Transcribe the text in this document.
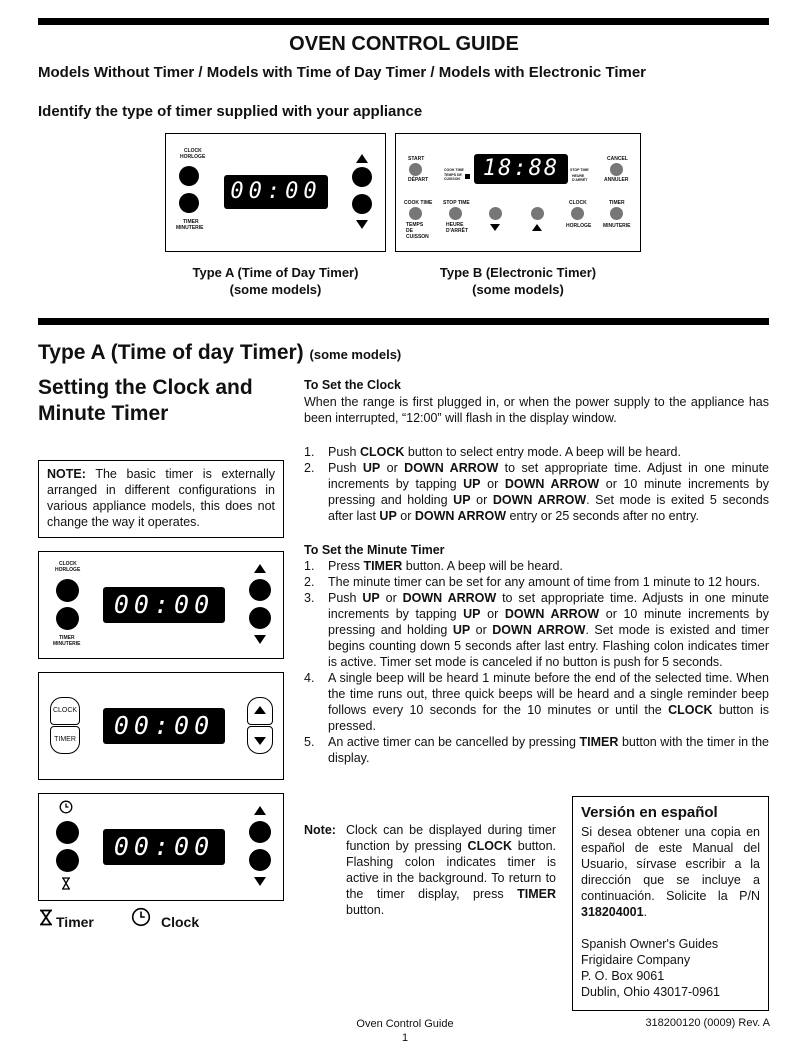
OVEN CONTROL GUIDE
Models Without Timer / Models with Time of Day Timer / Models with Electronic Timer
Identify the type of timer supplied with your appliance
CLOCK
HORLOGE
TIMER
MINUTERIE
00:00
Type A (Time of Day Timer)
(some models)
START
DÉPART
COOK TIME
TEMPS DE CUISSON	18:88	STOP TIME
HEURE D'ARRÊT
CANCEL
ANNULER
COOK TIME
TEMPS DE CUISSON
STOP TIME
HEURE D'ARRÊT
CLOCK
HORLOGE
TIMER
MINUTERIE
Type B (Electronic Timer)
(some models)
Type A (Time of day Timer) (some models)
Setting the Clock and
Minute Timer
NOTE: The basic timer is externally arranged in different configurations in various appliance models, this does not change the way it operates.
CLOCK
HORLOGE
TIMER
MINUTERIE
00:00
CLOCK
TIMER	00:00
00:00
Timer	Clock
To Set the Clock
When the range is first plugged in, or when the power supply to the appliance has been interrupted, “12:00” will flash in the display window.
1. Push CLOCK button to select entry mode. A beep will be heard.
2. Push UP or DOWN ARROW to set appropriate time. Adjust in one minute increments by tapping UP or DOWN ARROW or 10 minute increments by pressing and holding UP or DOWN ARROW. Set mode is exited 5 seconds after last UP or DOWN ARROW entry or 25 seconds after no entry.
To Set the Minute Timer
1. Press TIMER button. A beep will be heard.
2. The minute timer can be set for any amount of time from 1 minute to 12 hours.
3. Push UP or DOWN ARROW to set appropriate time. Adjusts in one minute increments by tapping UP or DOWN ARROW or 10 minute increments by pressing and holding UP or DOWN ARROW. Set mode is existed and timer begins counting down 5 seconds after last entry. Flashing colon indicates timer is active. Timer set mode is canceled if no button is push for 5 seconds.
4. A single beep will be heard 1 minute before the end of the selected time. When the time runs out, three quick beeps will be heard and a single reminder beep follows every 10 seconds for the 10 minutes or until the CLOCK button is pressed.
5. An active timer can be cancelled by pressing TIMER button with the timer in the display.
Note: Clock can be displayed during timer function by pressing CLOCK button. Flashing colon indicates timer is active in the background. To return to the timer display, press TIMER button.
Versión en español

Si desea obtener una copia en español de este Manual del Usuario, sírvase escribir a la dirección que se incluye a continuación. Solicite la P/N 318204001.

Spanish Owner's Guides

Frigidaire Company

P. O. Box 9061

Dublin, Ohio 43017-0961

Oven Control Guide
1
318200120 (0009) Rev. A
